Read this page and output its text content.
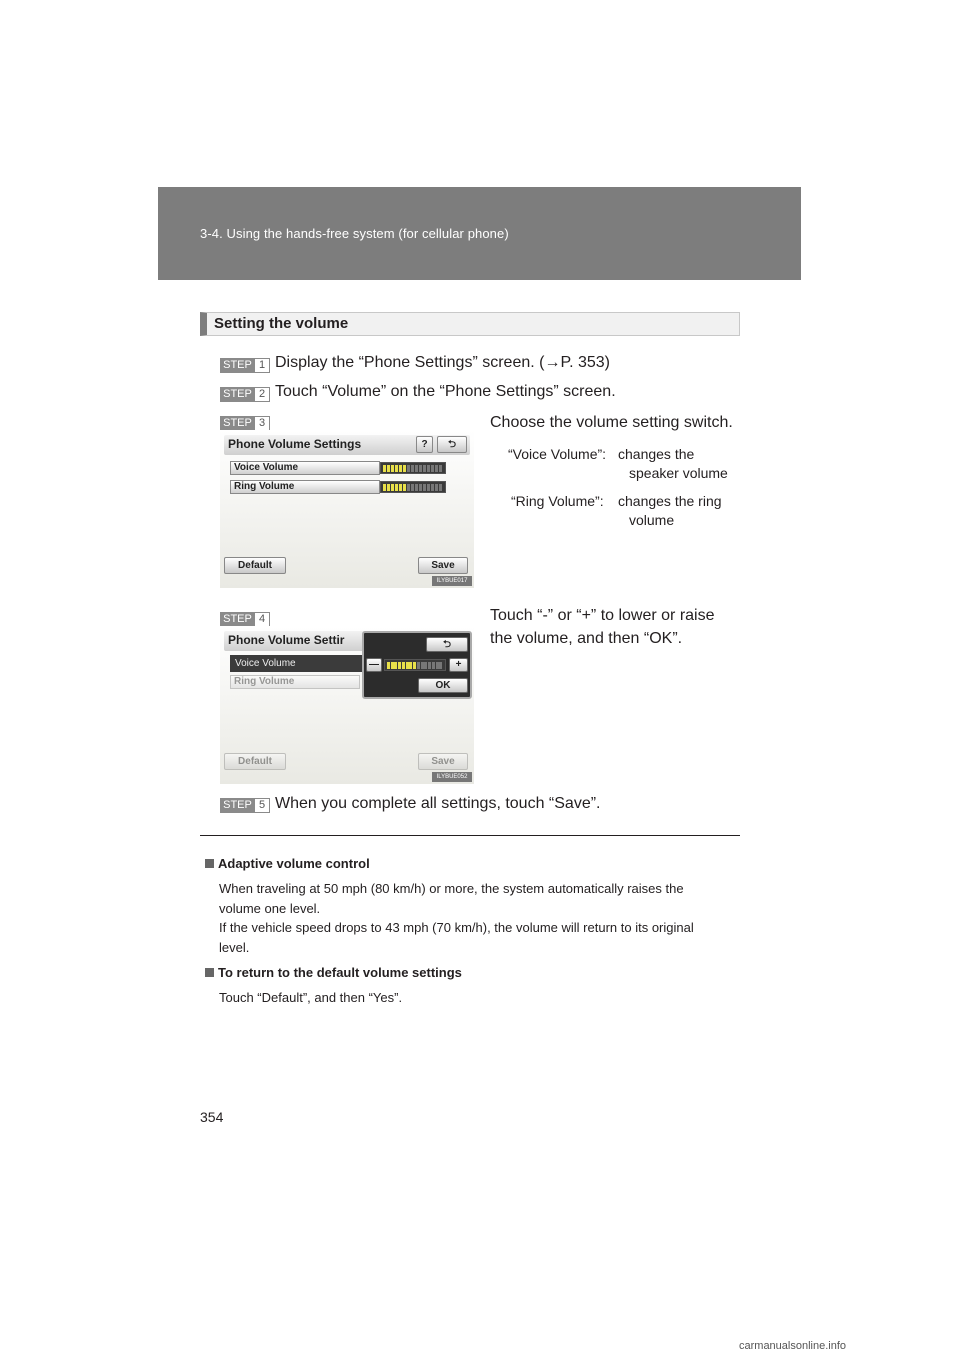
3-4. Using the hands-free system (for cellular phone)
Setting the volume
STEP 1 Display the “Phone Settings” screen. (→P. 353)
STEP 2 Touch “Volume” on the “Phone Settings” screen.
STEP 3
Phone Volume Settings	?	⮌
Voice Volume
Ring Volume
Default	Save
ILYBUE017
Choose the volume setting switch.
“Voice Volume”: changes the
speaker volume
“Ring Volume”: changes the ring
volume
STEP 4
Phone Volume Settir
Voice Volume
Ring Volume
⮌
—	+
OK
Default	Save
ILYBUE052
Touch “-” or “+” to lower or raise
the volume, and then “OK”.
STEP 5 When you complete all settings, touch “Save”.
Adaptive volume control
When traveling at 50 mph (80 km/h) or more, the system automatically raises the
volume one level.
If the vehicle speed drops to 43 mph (70 km/h), the volume will return to its original
level.
To return to the default volume settings
Touch “Default”, and then “Yes”.
354
carmanualsonline.info
